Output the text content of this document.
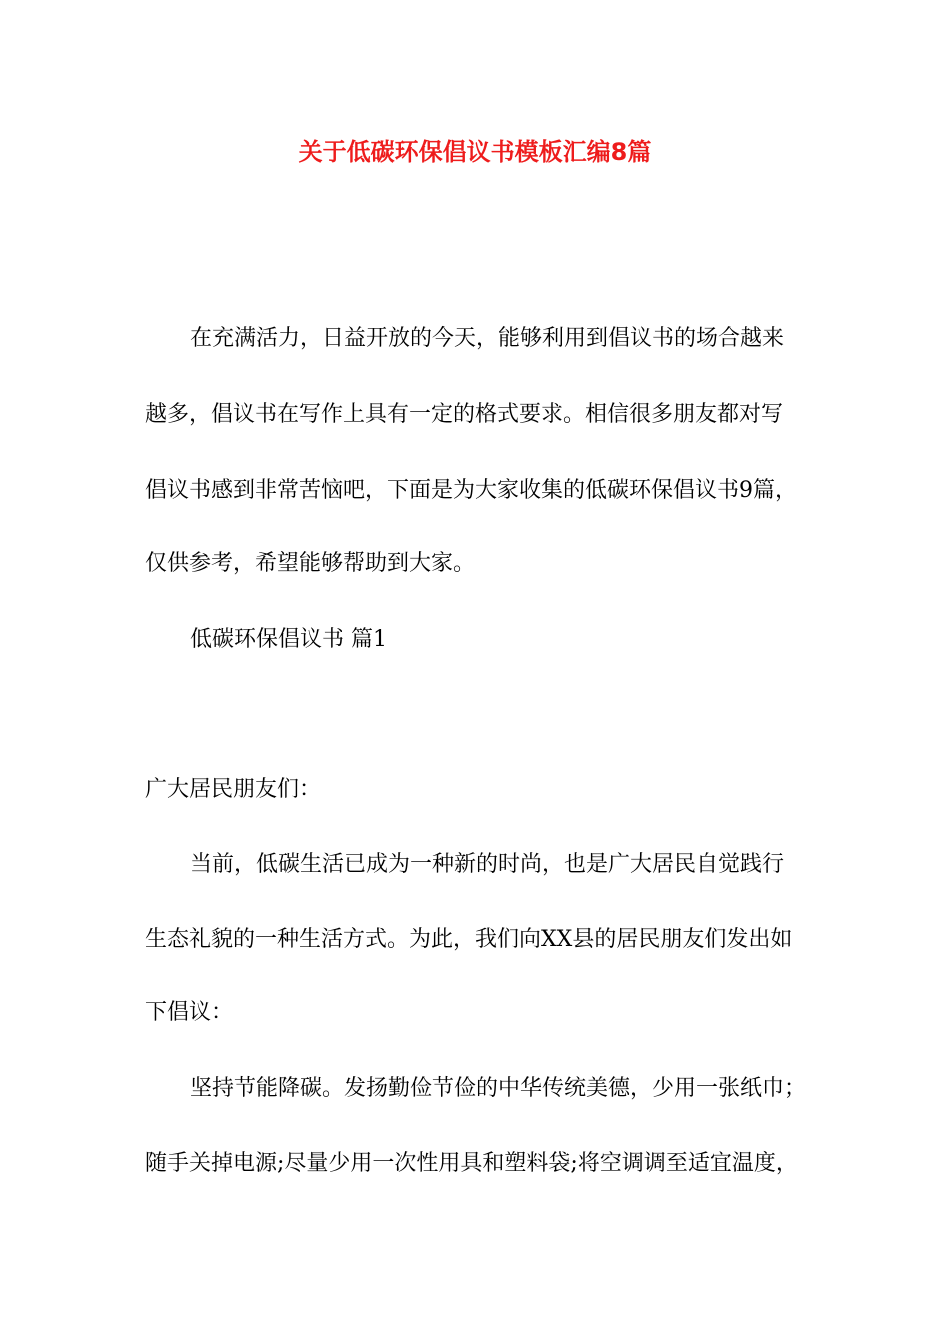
关于低碳环保倡议书模板汇编8篇
在充满活力，日益开放的今天，能够利用到倡议书的场合越来
越多，倡议书在写作上具有一定的格式要求。相信很多朋友都对写
倡议书感到非常苦恼吧，下面是为大家收集的低碳环保倡议书9篇，
仅供参考，希望能够帮助到大家。
低碳环保倡议书 篇1
广大居民朋友们：
当前，低碳生活已成为一种新的时尚，也是广大居民自觉践行
生态礼貌的一种生活方式。为此，我们向XX县的居民朋友们发出如
下倡议：
坚持节能降碳。发扬勤俭节俭的中华传统美德，少用一张纸巾；
随手关掉电源;尽量少用一次性用具和塑料袋;将空调调至适宜温度，
